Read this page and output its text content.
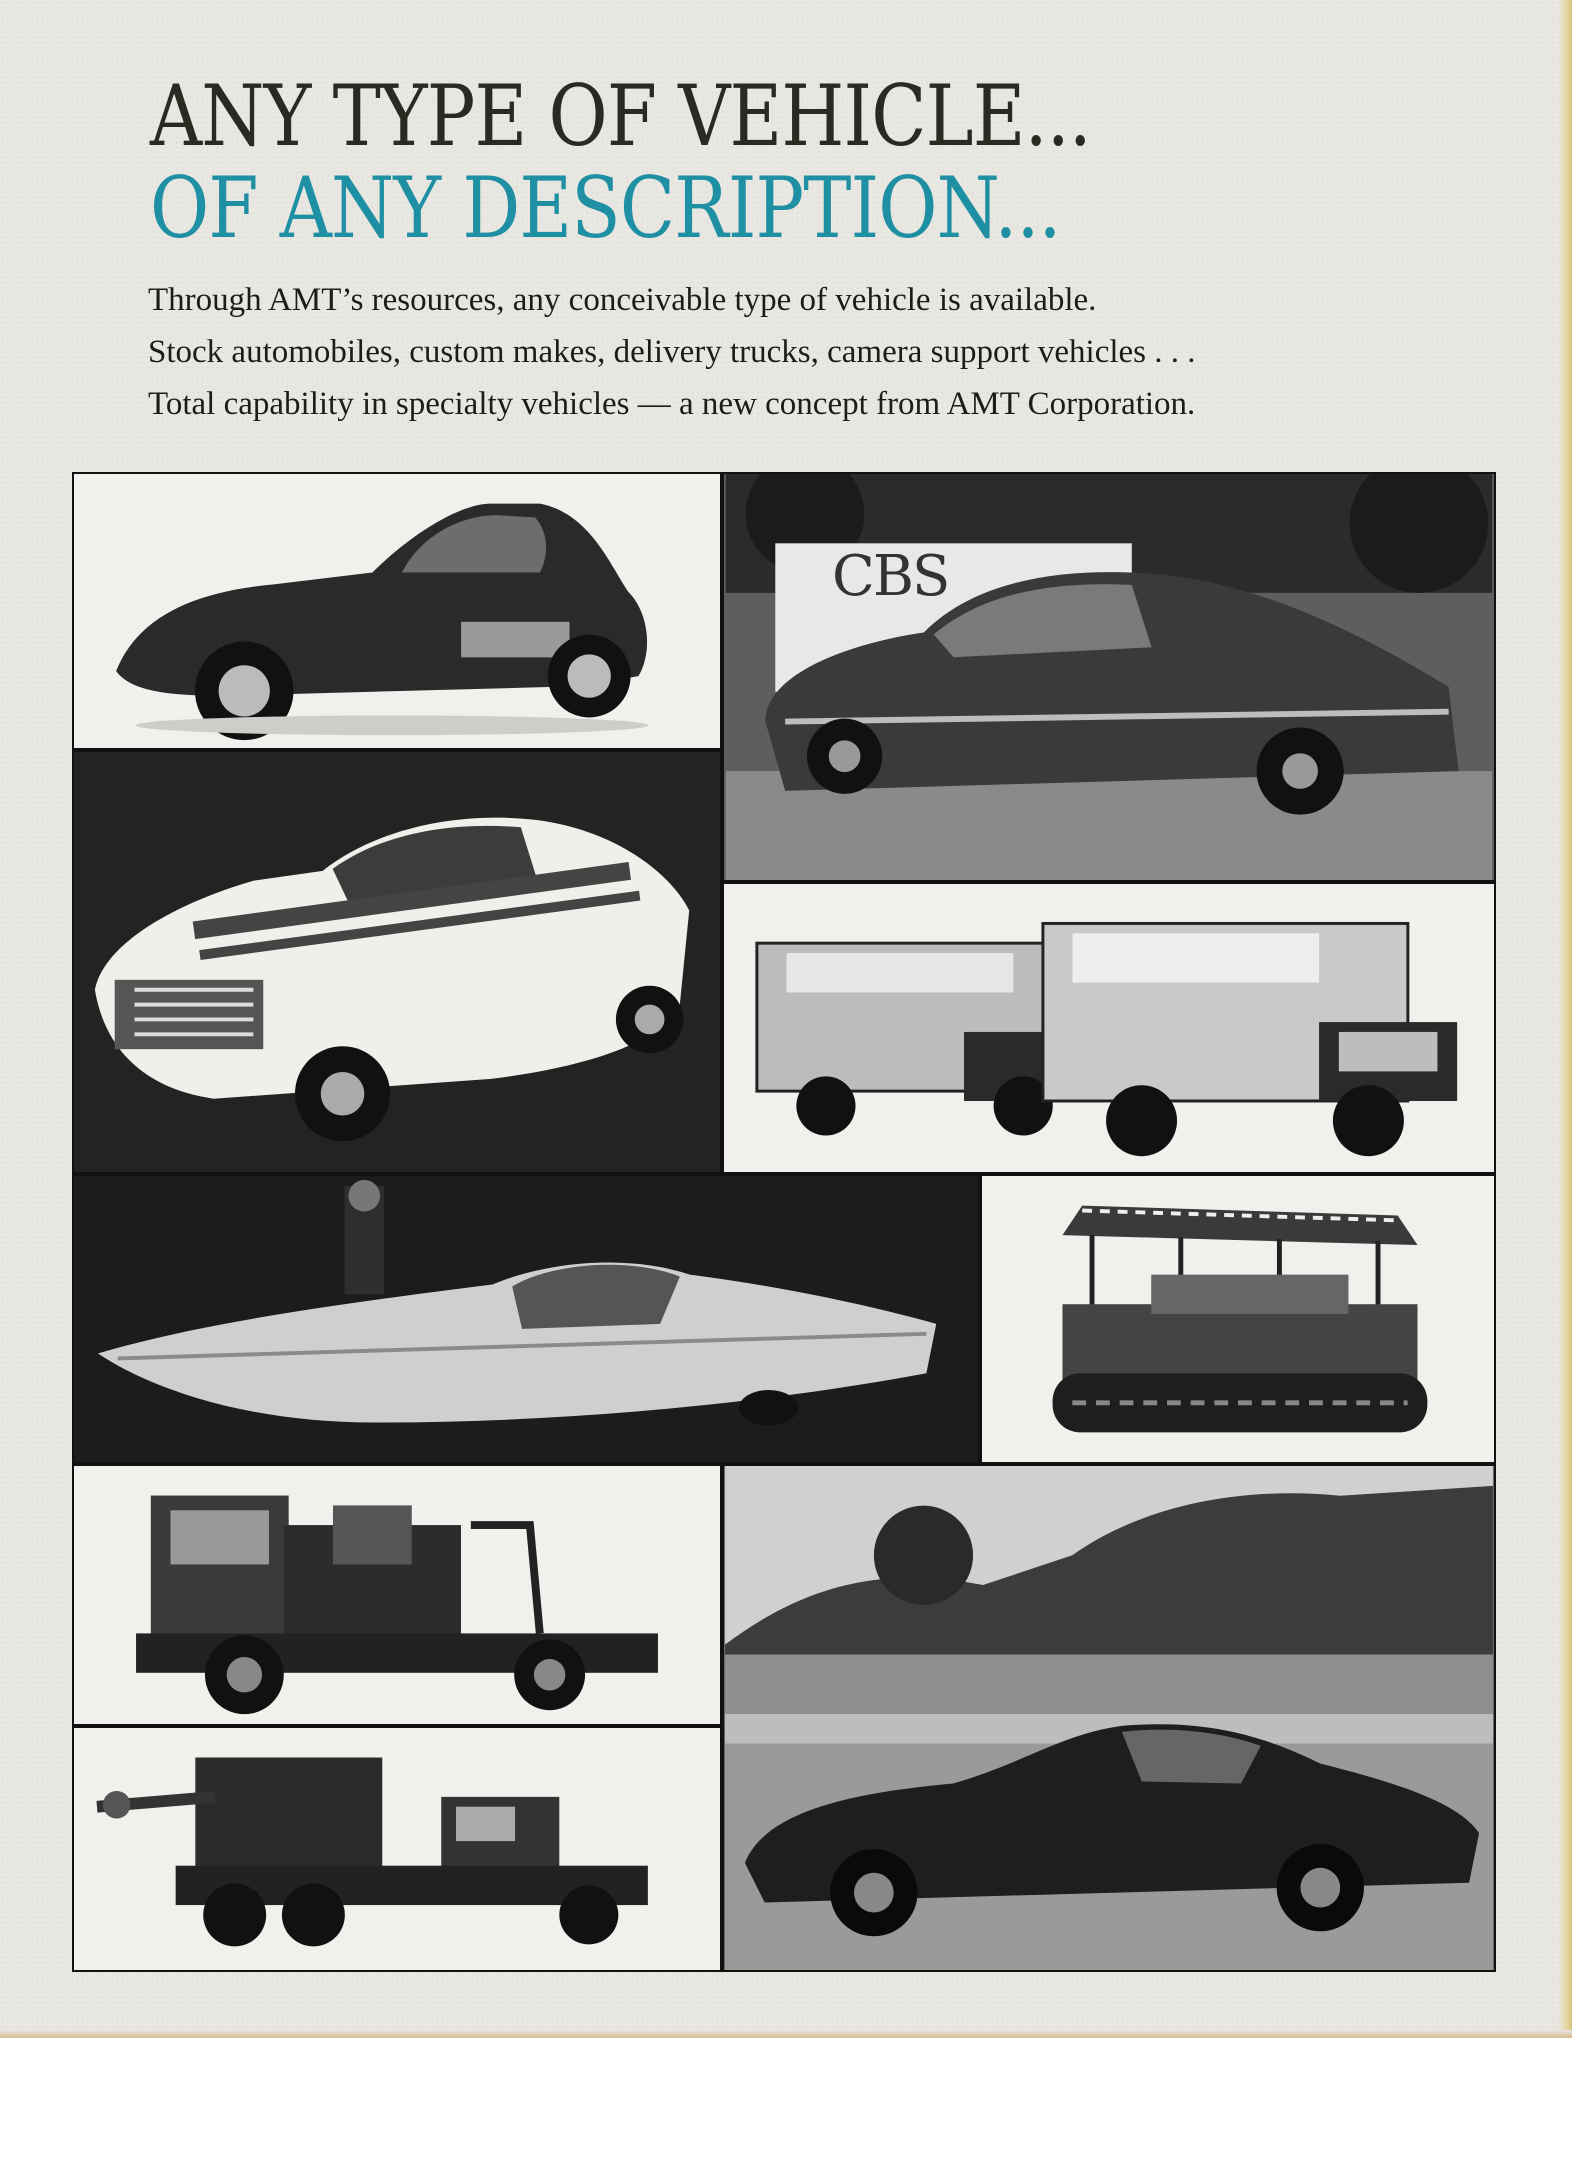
ANY TYPE OF VEHICLE...
OF ANY DESCRIPTION...

Through AMT’s resources, any conceivable type of vehicle is available.

Stock automobiles, custom makes, delivery trucks, camera support vehicles . . .

Total capability in specialty vehicles — a new concept from AMT Corporation.

CBS
